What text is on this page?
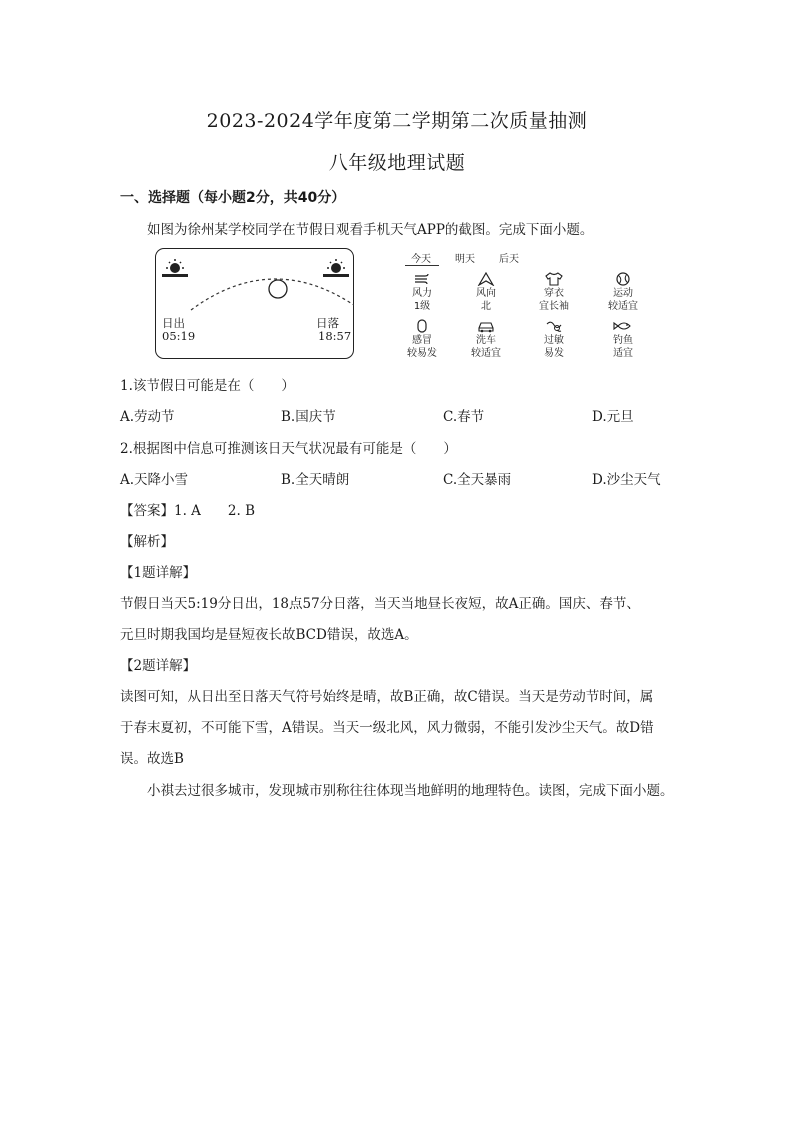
2023-2024学年度第二学期第二次质量抽测
八年级地理试题
一、选择题（每小题2分，共40分）
如图为徐州某学校同学在节假日观看手机天气APP的截图。完成下面小题。
日出
05:19
日落
18:57
今天 明天 后天
风力
1级
风向
北
穿衣
宜长袖
运动
较适宜
感冒
较易发
洗车
较适宜
过敏
易发
钓鱼
适宜
1.该节假日可能是在（　　）
A.劳动节	B.国庆节	C.春节	D.元旦
2.根据图中信息可推测该日天气状况最有可能是（　　）
A.天降小雪	B.全天晴朗	C.全天暴雨	D.沙尘天气
【答案】1. A　　2. B
【解析】
【1题详解】
节假日当天5:19分日出，18点57分日落，当天当地昼长夜短，故A正确。国庆、春节、
元旦时期我国均是昼短夜长故BCD错误，故选A。
【2题详解】
读图可知，从日出至日落天气符号始终是晴，故B正确，故C错误。当天是劳动节时间，属
于春末夏初，不可能下雪，A错误。当天一级北风，风力微弱，不能引发沙尘天气。故D错
误。故选B
小祺去过很多城市，发现城市别称往往体现当地鲜明的地理特色。读图，完成下面小题。
